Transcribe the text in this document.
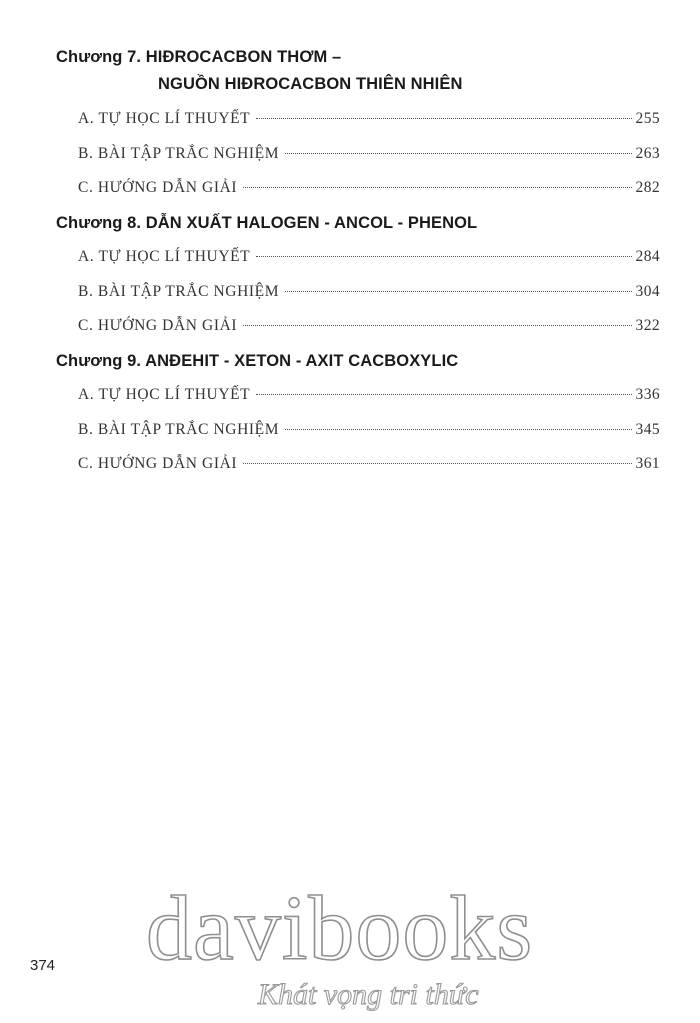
Chương 7. HIĐROCACBON THƠM –
NGUỒN HIĐROCACBON THIÊN NHIÊN
A. TỰ HỌC LÍ THUYẾT	255
B. BÀI TẬP TRẮC NGHIỆM	263
C. HƯỚNG DẪN GIẢI	282
Chương 8. DẪN XUẤT HALOGEN - ANCOL - PHENOL
A. TỰ HỌC LÍ THUYẾT	284
B. BÀI TẬP TRẮC NGHIỆM	304
C. HƯỚNG DẪN GIẢI	322
Chương 9. ANĐEHIT - XETON - AXIT CACBOXYLIC
A. TỰ HỌC LÍ THUYẾT	336
B. BÀI TẬP TRẮC NGHIỆM	345
C. HƯỚNG DẪN GIẢI	361
374 davibooks
Khát vọng tri thức
